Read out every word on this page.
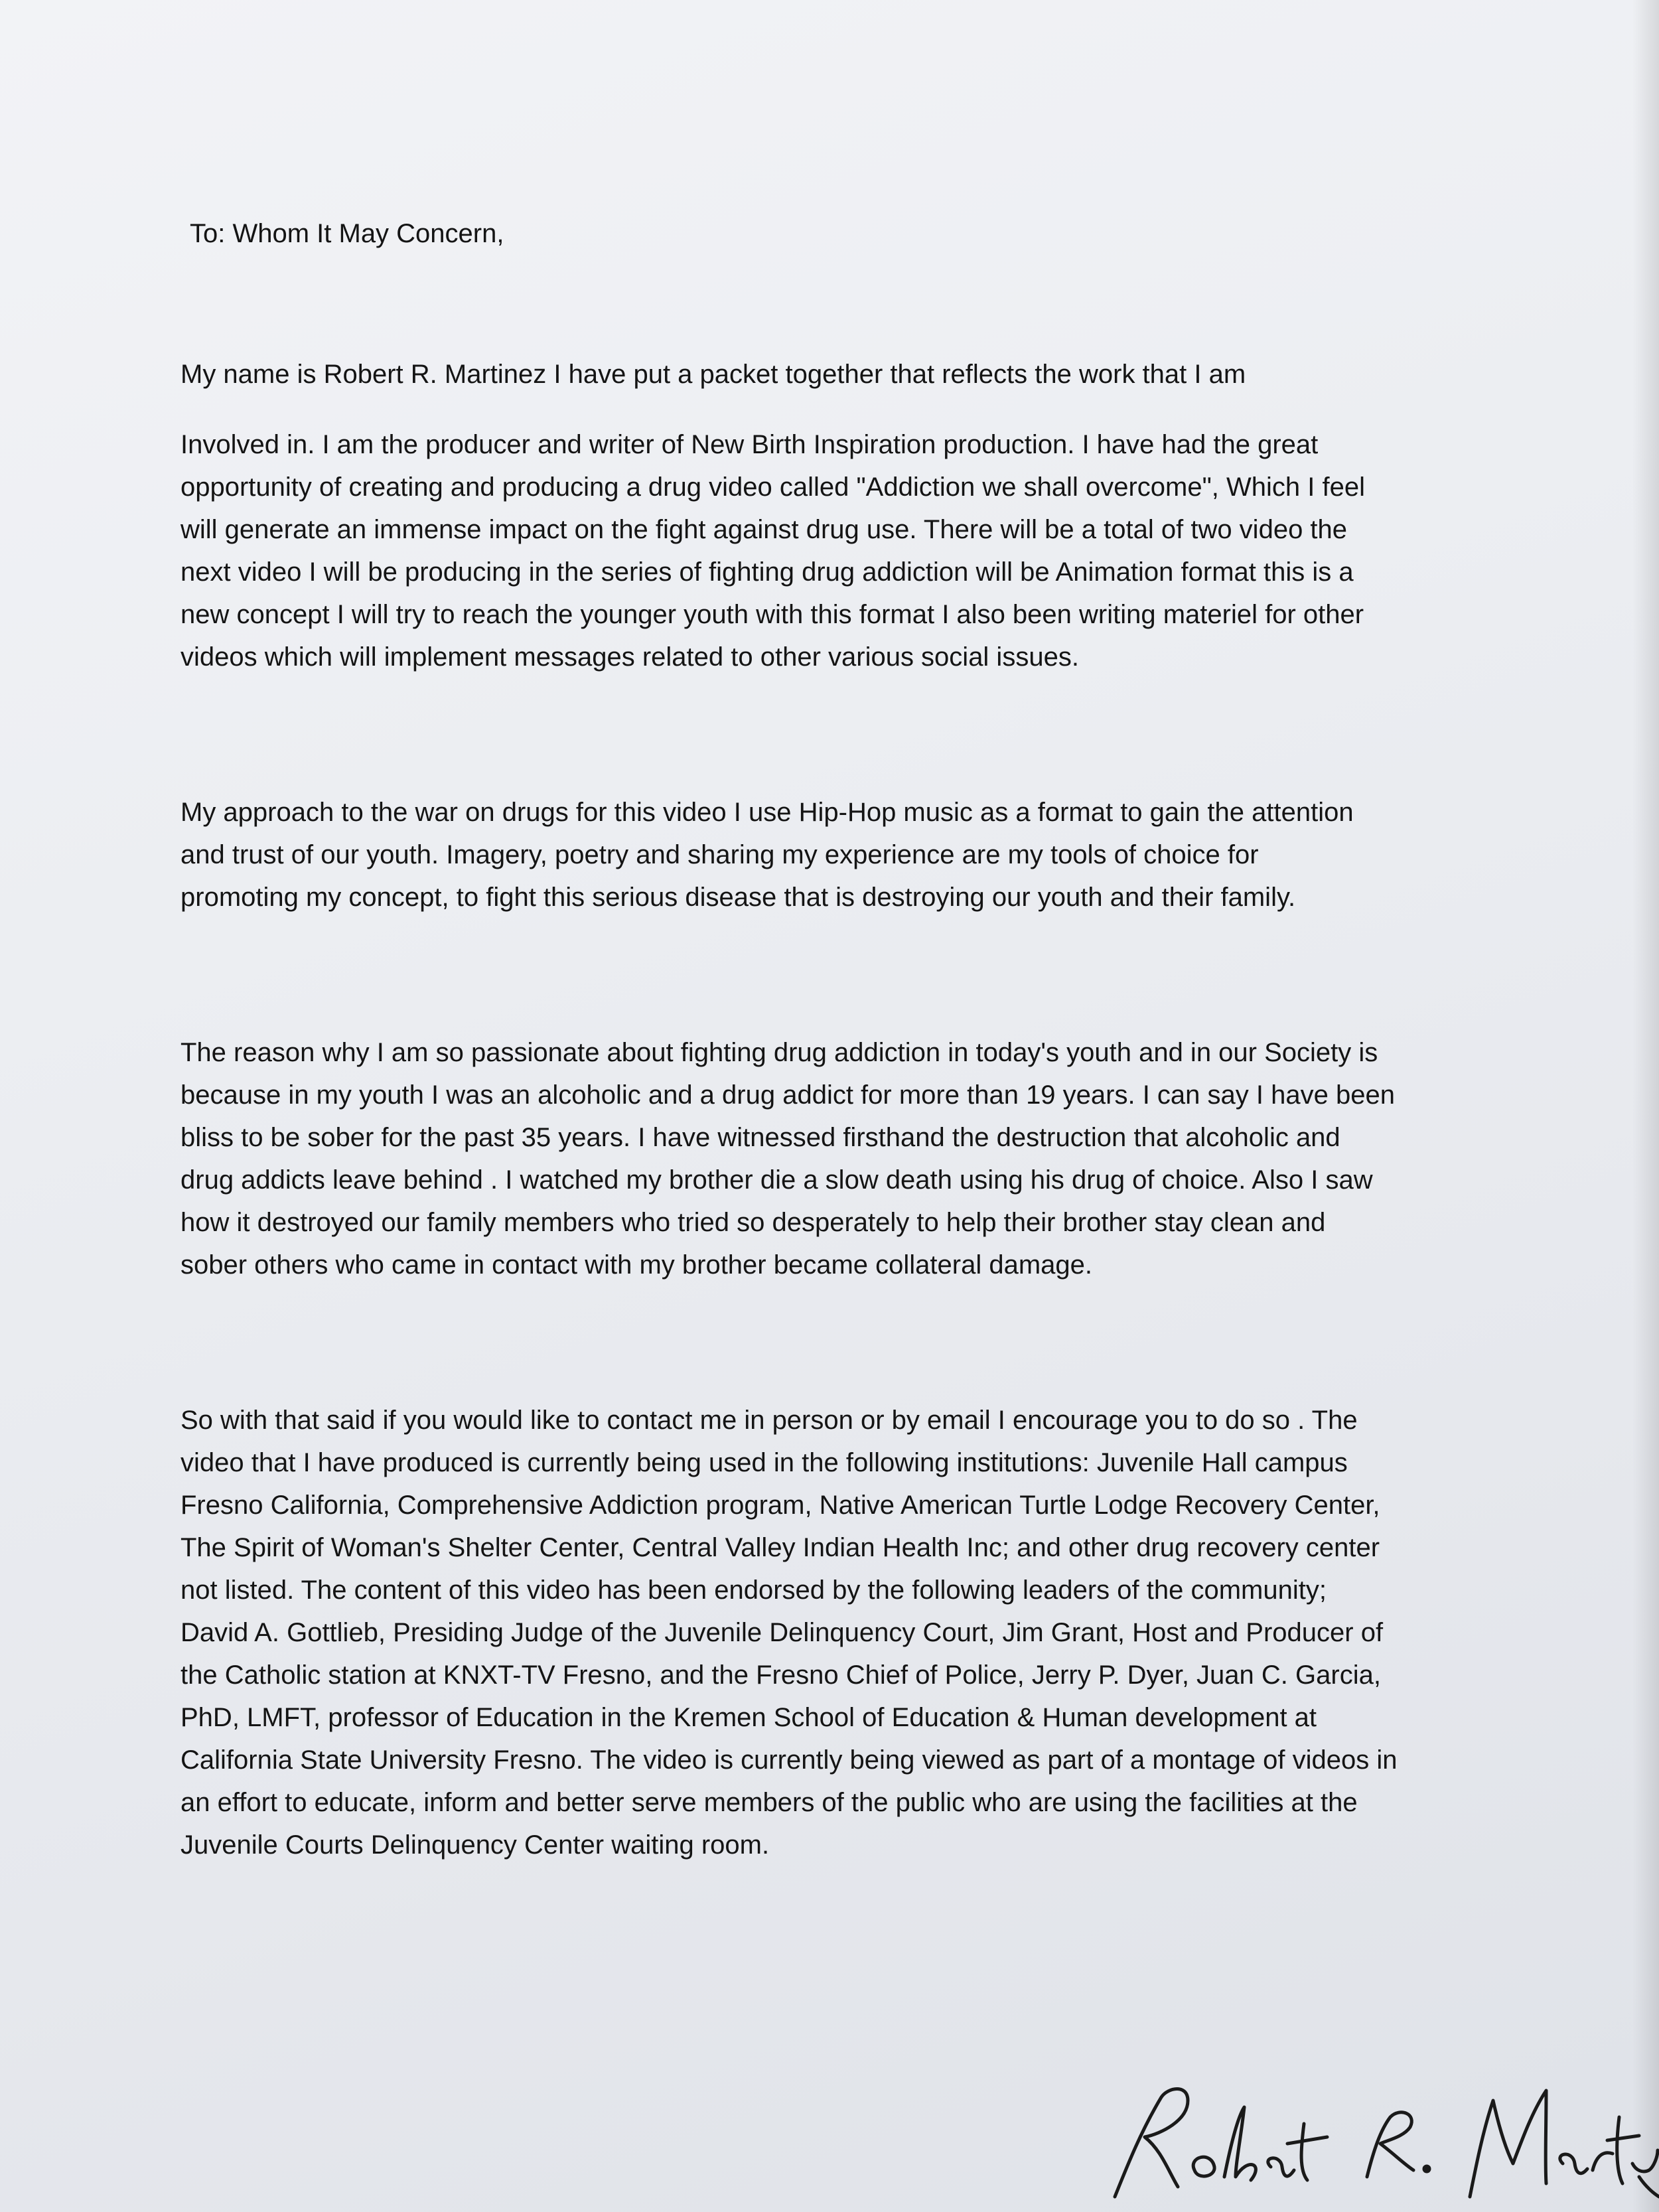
To: Whom It May Concern,
My name is Robert R. Martinez I have put a packet together that reflects the work that I am
Involved in. I am the producer and writer of New Birth Inspiration production. I have had the great
opportunity of creating and producing a drug video called "Addiction we shall overcome", Which I feel
will generate an immense impact on the fight against drug use. There will be a total of two video the
next video I will be producing in the series of fighting drug addiction will be Animation format this is a
new concept I will try to reach the younger youth with this format I also been writing materiel for other
videos which will implement messages related to other various social issues.
My approach to the war on drugs for this video I use Hip-Hop music as a format to gain the attention
and trust of our youth. Imagery, poetry and sharing my experience are my tools of choice for
promoting my concept, to fight this serious disease that is destroying our youth and their family.
The reason why I am so passionate about fighting drug addiction in today's youth and in our Society is
because in my youth I was an alcoholic and a drug addict for more than 19 years. I can say I have been
bliss to be sober for the past 35 years. I have witnessed firsthand the destruction that alcoholic and
drug addicts leave behind . I watched my brother die a slow death using his drug of choice. Also I saw
how it destroyed our family members who tried so desperately to help their brother stay clean and
sober others who came in contact with my brother became collateral damage.
So with that said if you would like to contact me in person or by email I encourage you to do so . The
video that I have produced is currently being used in the following institutions: Juvenile Hall campus
Fresno California, Comprehensive Addiction program, Native American Turtle Lodge Recovery Center,
The Spirit of Woman's Shelter Center, Central Valley Indian Health Inc; and other drug recovery center
not listed. The content of this video has been endorsed by the following leaders of the community;
David A. Gottlieb, Presiding Judge of the Juvenile Delinquency Court, Jim Grant, Host and Producer of
the Catholic station at KNXT-TV Fresno, and the Fresno Chief of Police, Jerry P. Dyer, Juan C. Garcia,
PhD, LMFT, professor of Education in the Kremen School of Education & Human development at
California State University Fresno. The video is currently being viewed as part of a montage of videos in
an effort to educate, inform and better serve members of the public who are using the facilities at the
Juvenile Courts Delinquency Center waiting room.
